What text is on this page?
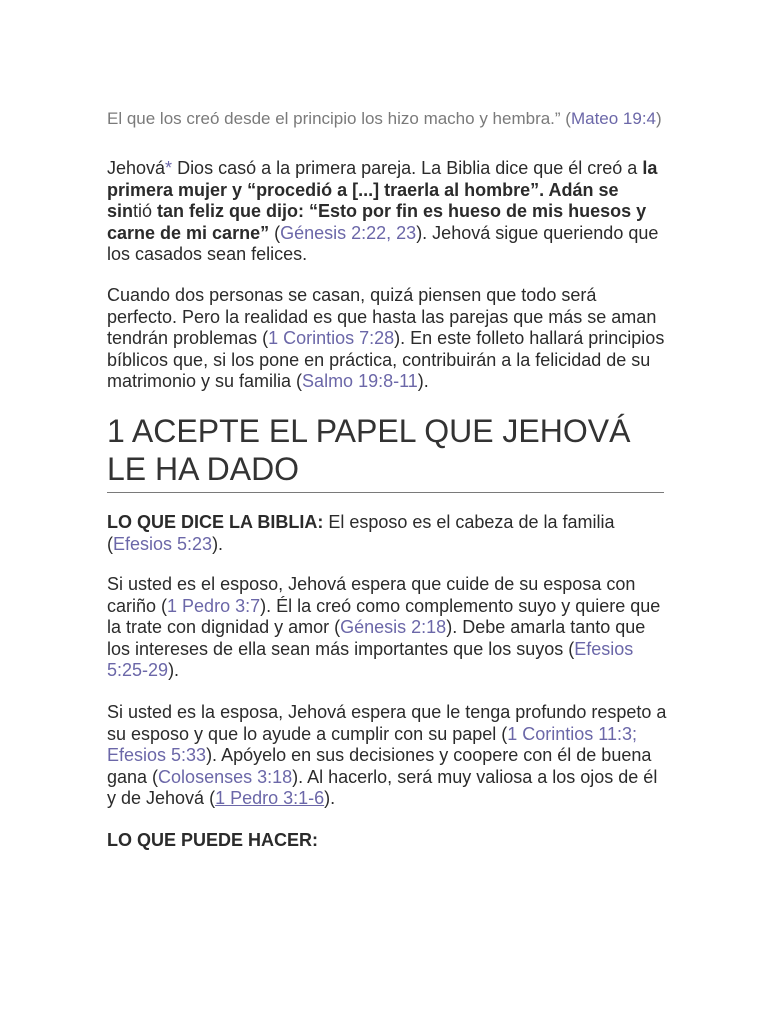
El que los creó desde el principio los hizo macho y hembra.” (Mateo 19:4)

Jehová* Dios casó a la primera pareja. La Biblia dice que él creó a la primera mujer y “procedió a [...] traerla al hombre”. Adán se sintió tan feliz que dijo: “Esto por fin es hueso de mis huesos y carne de mi carne” (Génesis 2:22, 23). Jehová sigue queriendo que los casados sean felices.

Cuando dos personas se casan, quizá piensen que todo será perfecto. Pero la realidad es que hasta las parejas que más se aman tendrán problemas (1 Corintios 7:28). En este folleto hallará principios bíblicos que, si los pone en práctica, contribuirán a la felicidad de su matrimonio y su familia (Salmo 19:8-11).

1 ACEPTE EL PAPEL QUE JEHOVÁ LE HA DADO

LO QUE DICE LA BIBLIA: El esposo es el cabeza de la familia (Efesios 5:23).

Si usted es el esposo, Jehová espera que cuide de su esposa con cariño (1 Pedro 3:7). Él la creó como complemento suyo y quiere que la trate con dignidad y amor (Génesis 2:18). Debe amarla tanto que los intereses de ella sean más importantes que los suyos (Efesios 5:25-29).

Si usted es la esposa, Jehová espera que le tenga profundo respeto a su esposo y que lo ayude a cumplir con su papel (1 Corintios 11:3; Efesios 5:33). Apóyelo en sus decisiones y coopere con él de buena gana (Colosenses 3:18). Al hacerlo, será muy valiosa a los ojos de él y de Jehová (1 Pedro 3:1-6).

LO QUE PUEDE HACER:
